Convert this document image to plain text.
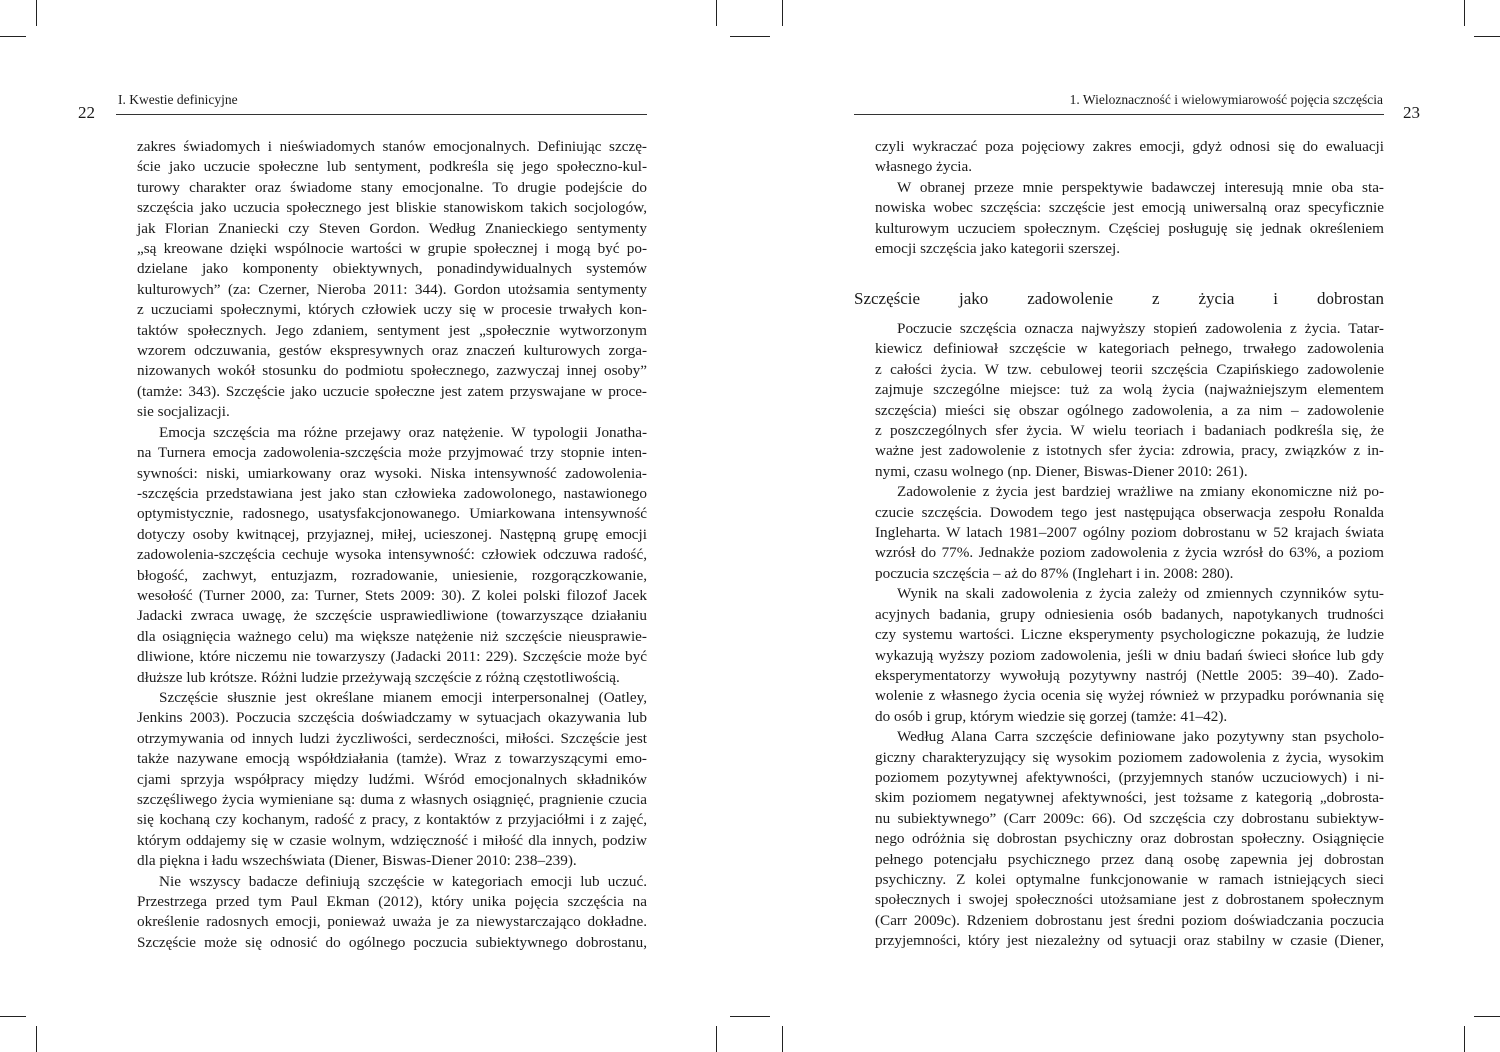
22
I. Kwestie definicyjne

zakres świadomych i nieświadomych stanów emocjonalnych. Definiując szczę-

ście jako uczucie społeczne lub sentyment, podkreśla się jego społeczno-kul-

turowy charakter oraz świadome stany emocjonalne. To drugie podejście do

szczęścia jako uczucia społecznego jest bliskie stanowiskom takich socjologów,

jak Florian Znaniecki czy Steven Gordon. Według Znanieckiego sentymenty

„są kreowane dzięki wspólnocie wartości w grupie społecznej i mogą być po-

dzielane jako komponenty obiektywnych, ponadindywidualnych systemów

kulturowych” (za: Czerner, Nieroba 2011: 344). Gordon utożsamia sentymenty

z uczuciami społecznymi, których człowiek uczy się w procesie trwałych kon-

taktów społecznych. Jego zdaniem, sentyment jest „społecznie wytworzonym

wzorem odczuwania, gestów ekspresywnych oraz znaczeń kulturowych zorga-

nizowanych wokół stosunku do podmiotu społecznego, zazwyczaj innej osoby”

(tamże: 343). Szczęście jako uczucie społeczne jest zatem przyswajane w proce-

sie socjalizacji.

Emocja szczęścia ma różne przejawy oraz natężenie. W typologii Jonatha-

na Turnera emocja zadowolenia-szczęścia może przyjmować trzy stopnie inten-

sywności: niski, umiarkowany oraz wysoki. Niska intensywność zadowolenia-

-szczęścia przedstawiana jest jako stan człowieka zadowolonego, nastawionego

optymistycznie, radosnego, usatysfakcjonowanego. Umiarkowana intensywność

dotyczy osoby kwitnącej, przyjaznej, miłej, ucieszonej. Następną grupę emocji

zadowolenia-szczęścia cechuje wysoka intensywność: człowiek odczuwa radość,

błogość, zachwyt, entuzjazm, rozradowanie, uniesienie, rozgorączkowanie,

wesołość (Turner 2000, za: Turner, Stets 2009: 30). Z kolei polski filozof Jacek

Jadacki zwraca uwagę, że szczęście usprawiedliwione (towarzyszące działaniu

dla osiągnięcia ważnego celu) ma większe natężenie niż szczęście nieusprawie-

dliwione, które niczemu nie towarzyszy (Jadacki 2011: 229). Szczęście może być

dłuższe lub krótsze. Różni ludzie przeżywają szczęście z różną częstotliwością.

Szczęście słusznie jest określane mianem emocji interpersonalnej (Oatley,

Jenkins 2003). Poczucia szczęścia doświadczamy w sytuacjach okazywania lub

otrzymywania od innych ludzi życzliwości, serdeczności, miłości. Szczęście jest

także nazywane emocją współdziałania (tamże). Wraz z towarzyszącymi emo-

cjami sprzyja współpracy między ludźmi. Wśród emocjonalnych składników

szczęśliwego życia wymieniane są: duma z własnych osiągnięć, pragnienie czucia

się kochaną czy kochanym, radość z pracy, z kontaktów z przyjaciółmi i z zajęć,

którym oddajemy się w czasie wolnym, wdzięczność i miłość dla innych, podziw

dla piękna i ładu wszechświata (Diener, Biswas-Diener 2010: 238–239).

Nie wszyscy badacze definiują szczęście w kategoriach emocji lub uczuć.

Przestrzega przed tym Paul Ekman (2012), który unika pojęcia szczęścia na

określenie radosnych emocji, ponieważ uważa je za niewystarczająco dokładne.

Szczęście może się odnosić do ogólnego poczucia subiektywnego dobrostanu,

1. Wieloznaczność i wielowymiarowość pojęcia szczęścia
23

czyli wykraczać poza pojęciowy zakres emocji, gdyż odnosi się do ewaluacji

własnego życia.

W obranej przeze mnie perspektywie badawczej interesują mnie oba sta-

nowiska wobec szczęścia: szczęście jest emocją uniwersalną oraz specyficznie

kulturowym uczuciem społecznym. Częściej posługuję się jednak określeniem

emocji szczęścia jako kategorii szerszej.

Szczęście jako zadowolenie z życia i dobrostan

Poczucie szczęścia oznacza najwyższy stopień zadowolenia z życia. Tatar-

kiewicz definiował szczęście w kategoriach pełnego, trwałego zadowolenia

z całości życia. W tzw. cebulowej teorii szczęścia Czapińskiego zadowolenie

zajmuje szczególne miejsce: tuż za wolą życia (najważniejszym elementem

szczęścia) mieści się obszar ogólnego zadowolenia, a za nim – zadowolenie

z poszczególnych sfer życia. W wielu teoriach i badaniach podkreśla się, że

ważne jest zadowolenie z istotnych sfer życia: zdrowia, pracy, związków z in-

nymi, czasu wolnego (np. Diener, Biswas-Diener 2010: 261).

Zadowolenie z życia jest bardziej wrażliwe na zmiany ekonomiczne niż po-

czucie szczęścia. Dowodem tego jest następująca obserwacja zespołu Ronalda

Ingleharta. W latach 1981–2007 ogólny poziom dobrostanu w 52 krajach świata

wzrósł do 77%. Jednakże poziom zadowolenia z życia wzrósł do 63%, a poziom

poczucia szczęścia – aż do 87% (Inglehart i in. 2008: 280).

Wynik na skali zadowolenia z życia zależy od zmiennych czynników sytu-

acyjnych badania, grupy odniesienia osób badanych, napotykanych trudności

czy systemu wartości. Liczne eksperymenty psychologiczne pokazują, że ludzie

wykazują wyższy poziom zadowolenia, jeśli w dniu badań świeci słońce lub gdy

eksperymentatorzy wywołują pozytywny nastrój (Nettle 2005: 39–40). Zado-

wolenie z własnego życia ocenia się wyżej również w przypadku porównania się

do osób i grup, którym wiedzie się gorzej (tamże: 41–42).

Według Alana Carra szczęście definiowane jako pozytywny stan psycholo-

giczny charakteryzujący się wysokim poziomem zadowolenia z życia, wysokim

poziomem pozytywnej afektywności, (przyjemnych stanów uczuciowych) i ni-

skim poziomem negatywnej afektywności, jest tożsame z kategorią „dobrosta-

nu subiektywnego” (Carr 2009c: 66). Od szczęścia czy dobrostanu subiektyw-

nego odróżnia się dobrostan psychiczny oraz dobrostan społeczny. Osiągnięcie

pełnego potencjału psychicznego przez daną osobę zapewnia jej dobrostan

psychiczny. Z kolei optymalne funkcjonowanie w ramach istniejących sieci

społecznych i swojej społeczności utożsamiane jest z dobrostanem społecznym

(Carr 2009c). Rdzeniem dobrostanu jest średni poziom doświadczania poczucia

przyjemności, który jest niezależny od sytuacji oraz stabilny w czasie (Diener,
